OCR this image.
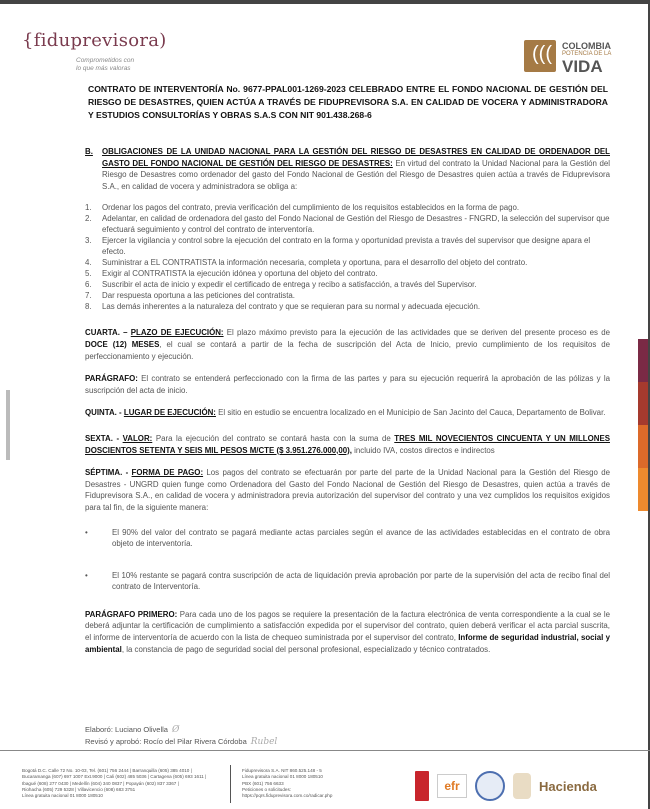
{fiduprevisora)
Comprometidos con
lo que más valoras
((( COLOMBIA
POTENCIA DE LA
VIDA
CONTRATO DE INTERVENTORÍA No. 9677-PPAL001-1269-2023 CELEBRADO ENTRE EL FONDO NACIONAL DE GESTIÓN DEL RIESGO DE DESASTRES, QUIEN ACTÚA A TRAVÉS DE FIDUPREVISORA S.A. EN CALIDAD DE VOCERA Y ADMINISTRADORA Y ESTUDIOS CONSULTORÍAS Y OBRAS S.A.S CON NIT 901.438.268-6
B.	OBLIGACIONES DE LA UNIDAD NACIONAL PARA LA GESTIÓN DEL RIESGO DE DESASTRES EN CALIDAD DE ORDENADOR DEL GASTO DEL FONDO NACIONAL DE GESTIÓN DEL RIESGO DE DESASTRES: En virtud del contrato la Unidad Nacional para la Gestión del Riesgo de Desastres como ordenador del gasto del Fondo Nacional de Gestión del Riesgo de Desastres quien actúa a través de Fiduprevisora S.A., en calidad de vocera y administradora se obliga a:
1.	Ordenar los pagos del contrato, previa verificación del cumplimiento de los requisitos establecidos en la forma de pago.
2.	Adelantar, en calidad de ordenadora del gasto del Fondo Nacional de Gestión del Riesgo de Desastres - FNGRD, la selección del supervisor que efectuará seguimiento y control del contrato de interventoría.
3.	Ejercer la vigilancia y control sobre la ejecución del contrato en la forma y oportunidad prevista a través del supervisor que designe apara el efecto.
4.	Suministrar a EL CONTRATISTA la información necesaria, completa y oportuna, para el desarrollo del objeto del contrato.
5.	Exigir al CONTRATISTA la ejecución idónea y oportuna del objeto del contrato.
6.	Suscribir el acta de inicio y expedir el certificado de entrega y recibo a satisfacción, a través del Supervisor.
7.	Dar respuesta oportuna a las peticiones del contratista.
8.	Las demás inherentes a la naturaleza del contrato y que se requieran para su normal y adecuada ejecución.
CUARTA. – PLAZO DE EJECUCIÓN: El plazo máximo previsto para la ejecución de las actividades que se deriven del presente proceso es de DOCE (12) MESES, el cual se contará a partir de la fecha de suscripción del Acta de Inicio, previo cumplimiento de los requisitos de perfeccionamiento y ejecución.
PARÁGRAFO: El contrato se entenderá perfeccionado con la firma de las partes y para su ejecución requerirá la aprobación de las pólizas y la suscripción del acta de inicio.
QUINTA. - LUGAR DE EJECUCIÓN: El sitio en estudio se encuentra localizado en el Municipio de San Jacinto del Cauca, Departamento de Bolivar.
SEXTA. - VALOR: Para la ejecución del contrato se contará hasta con la suma de TRES MIL NOVECIENTOS CINCUENTA Y UN MILLONES DOSCIENTOS SETENTA Y SEIS MIL PESOS M/CTE ($ 3.951.276.000,00), incluido IVA, costos directos e indirectos
SÉPTIMA. - FORMA DE PAGO: Los pagos del contrato se efectuarán por parte del parte de la Unidad Nacional para la Gestión del Riesgo de Desastres - UNGRD quien funge como Ordenadora del Gasto del Fondo Nacional de Gestión del Riesgo de Desastres, quien actúa a través de Fiduprevisora S.A., en calidad de vocera y administradora previa autorización del supervisor del contrato y una vez cumplidos los requisitos exigidos para tal fin, de la siguiente manera:
•	El 90% del valor del contrato se pagará mediante actas parciales según el avance de las actividades establecidas en el contrato de obra objeto de interventoría.
•	El 10% restante se pagará contra suscripción de acta de liquidación previa aprobación por parte de la supervisión del acta de recibo final del contrato de Interventoría.
PARÁGRAFO PRIMERO: Para cada uno de los pagos se requiere la presentación de la factura electrónica de venta correspondiente a la cual se le deberá adjuntar la certificación de cumplimiento a satisfacción expedida por el supervisor del contrato, quien deberá verificar el acta parcial suscrita, el informe de interventoría de acuerdo con la lista de chequeo suministrada por el supervisor del contrato, Informe de seguridad industrial, social y ambiental, la constancia de pago de seguridad social del personal profesional, especializado y técnico contratados.
Elaboró: Luciano Olivella Ø
Revisó y aprobó: Rocío del Pilar Rivera Córdoba Rubel
Bogotá D.C. Calle 72 No. 10-03, Tel. (601) 756 2444 | Barranquilla (605) 385 4010 |
Bucaramanga (607) 697 1007 Ext.9000 | Cali (602) 485 5036 | Cartagena (605) 693 1611 |
Ibagué (608) 277 0430 | Medellín (604) 340 0837 | Popayán (602) 837 3367 |
Riohacha (605) 729 5328 | Villavicencio (608) 683 3751
Línea gratuita nacional 01 8000 180510
Fiduprevisora S.A. NIT 860.525.148 - 5
Línea gratuita nacional 01 8000 180510
PBX (601) 756 6633
Peticiones o solicitudes:
https://pqrs.fiduprevisora.com.co/radicar.php
efr	Hacienda
